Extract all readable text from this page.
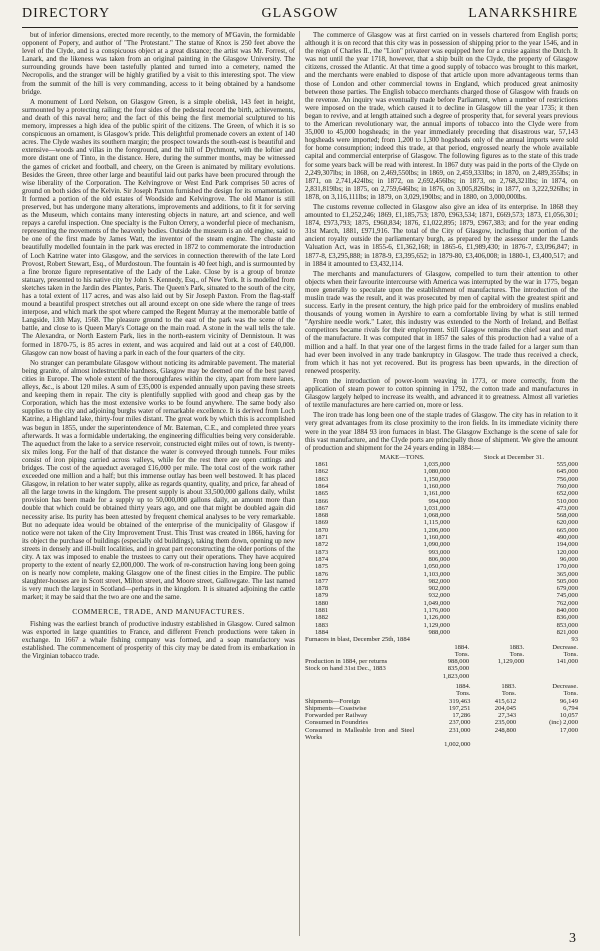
DIRECTORY	GLASGOW	LANARKSHIRE

but of inferior dimensions, erected more recently, to the memory of M'Gavin, the formidable opponent of Popery, and author of "The Protestant." The statue of Knox is 250 feet above the level of the Clyde, and is a conspicuous object at a great distance; the artist was Mr. Forrest, of Lanark, and the likeness was taken from an original painting in the Glasgow University. The surrounding grounds have been tastefully planted and turned into a cemetery, named the Necropolis, and the stranger will be highly gratified by a visit to this interesting spot. The view from the summit of the hill is very commanding, access to it being obtained by a handsome bridge.

A monument of Lord Nelson, on Glasgow Green, is a simple obelisk, 143 feet in height, surmounted by a protecting railing; the four sides of the pedestal record the birth, achievements, and death of this naval hero; and the fact of this being the first memorial sculptured to his memory, impresses a high idea of the public spirit of the citizens. The Green, of which it is so conspicuous an ornament, is Glasgow's pride. This delightful promenade covers an extent of 140 acres. The Clyde washes its southern margin; the prospect towards the south-east is beautiful and extensive—woods and villas in the foreground, and the hill of Dychmont, with the loftier and more distant one of Tinto, in the distance. Here, during the summer months, may be witnessed the games of cricket and football, and cheery, on the Green is animated by military evolutions. Besides the Green, three other large and beautiful laid out parks have been procured through the wise liberality of the Corporation. The Kelvingrove or West End Park comprises 50 acres of ground on both sides of the Kelvin. Sir Joseph Paxton furnished the design for its ornamentation. It formed a portion of the old estates of Woodside and Kelvingrove. The old Manor is still preserved, but has undergone many alterations, improvements and additions, to fit it for serving as the Museum, which contains many interesting objects in nature, art and science, and well repays a careful inspection. One specialty is the Fulton Orrery, a wonderful piece of mechanism, representing the movements of the heavenly bodies. Outside the museum is an old engine, said to be one of the first made by James Watt, the inventor of the steam engine. The chaste and beautifully modelled fountain in the park was erected in 1872 to commemorate the introduction of Loch Katrine water into Glasgow, and the services in connection therewith of the late Lord Provost, Robert Stewart, Esq., of Murdostoun. The fountain is 40 feet high, and is surmounted by a fine bronze figure representative of the Lady of the Lake. Close by is a group of bronze statuary, presented to his native city by John S. Kennedy, Esq., of New York. It is modelled from sketches taken in the Jardin des Plantes, Paris. The Queen's Park, situated to the south of the city, has a total extent of 117 acres, and was also laid out by Sir Joseph Paxton. From the flag-staff mound a beautiful prospect stretches out all around except on one side where the range of trees interpose, and which mark the spot where camped the Regent Murray at the memorable battle of Langside, 13th May, 1568. The pleasure ground to the east of the park was the scene of the battle, and close to is Queen Mary's Cottage on the main road. A stone in the wall tells the tale. The Alexandra, or North Eastern Park, lies in the north-eastern vicinity of Dennistoun. It was formed in 1870-75, is 85 acres in extent, and was acquired and laid out at a cost of £40,000. Glasgow can now boast of having a park in each of the four quarters of the city.

No stranger can perambulate Glasgow without noticing its admirable pavement. The material being granite, of almost indestructible hardness, Glasgow may be deemed one of the best paved cities in Europe. The whole extent of the thoroughfares within the city, apart from mere lanes, alleys, &c., is about 120 miles. A sum of £35,000 is expended annually upon paving these streets and keeping them in repair. The city is plentifully supplied with good and cheap gas by the Corporation, which has the most extensive works to be found anywhere. The same body also supplies to the city and adjoining burghs water of remarkable excellence. It is derived from Loch Katrine, a Highland lake, thirty-four miles distant. The great work by which this is accomplished was begun in 1855, under the superintendence of Mr. Bateman, C.E., and completed three years afterwards. It was a formidable undertaking, the engineering difficulties being very considerable. The aqueduct from the lake to a service reservoir, constructed eight miles out of town, is twenty-six miles long. For the half of that distance the water is conveyed through tunnels. Four miles consist of iron piping carried across valleys, while for the rest there are open cuttings and bridges. The cost of the aqueduct averaged £16,000 per mile. The total cost of the work rather exceeded one million and a half; but this immense outlay has been well bestowed. It has placed Glasgow, in relation to her water supply, alike as regards quantity, quality, and price, far ahead of all the large towns in the kingdom. The present supply is about 33,500,000 gallons daily, whilst provision has been made for a supply up to 50,000,000 gallons daily, an amount more than double that which could be obtained thirty years ago, and one that might be doubled again did necessity arise. Its purity has been attested by frequent chemical analyses to be very remarkable. But no adequate idea would be obtained of the enterprise of the municipality of Glasgow if notice were not taken of the City Improvement Trust. This Trust was created in 1866, having for its object the purchase of buildings (especially old buildings), taking them down, opening up new streets in densely and ill-built localities, and in great part reconstructing the older portions of the city. A tax was imposed to enable the trustees to carry out their operations. They have acquired property to the extent of nearly £2,000,000. The work of re-construction having long been going on is nearly now complete, making Glasgow one of the finest cities in the Empire. The public slaughter-houses are in Scott street, Milton street, and Moore street, Gallowgate. The last named is very much the largest in Scotland—perhaps in the kingdom. It is situated adjoining the cattle market; it may be said that the two are one and the same.

COMMERCE, TRADE, AND MANUFACTURES.

Fishing was the earliest branch of productive industry established in Glasgow. Cured salmon was exported in large quantities to France, and different French productions were taken in exchange. In 1667 a whale fishing company was formed, and a soap manufactory was established. The commencement of prosperity of this city may be dated from its embarkation in the Virginian tobacco trade.

The commerce of Glasgow was at first carried on in vessels chartered from English ports; although it is on record that this city was in possession of shipping prior to the year 1546, and in the reign of Charles II., the "Lion" privateer was equipped here for a cruise against the Dutch. It was not until the year 1718, however, that a ship built on the Clyde, the property of Glasgow citizens, crossed the Atlantic. At that time a good supply of tobacco was brought to this market, and the merchants were enabled to dispose of that article upon more advantageous terms than those of London and other commercial towns in England, which produced great animosity between those parties. The English tobacco merchants charged those of Glasgow with frauds on the revenue. An inquiry was eventually made before Parliament, when a number of restrictions were imposed on the trade, which caused it to decline in Glasgow till the year 1735; it then began to revive, and at length attained such a degree of prosperity that, for several years previous to the American revolutionary war, the annual imports of tobacco into the Clyde were from 35,000 to 45,000 hogsheads; in the year immediately preceding that disastrous war, 57,143 hogsheads were imported; from 1,200 to 1,300 hogsheads only of the annual imports were sold for home consumption; indeed this trade, at that period, engrossed nearly the whole available capital and commercial enterprise of Glasgow. The following figures as to the state of this trade for some years back will be read with interest. In 1867 duty was paid in the ports of the Clyde on 2,249,307lbs; in 1868, on 2,469,550lbs; in 1869, on 2,459,333lbs; in 1870, on 2,489,355lbs; in 1871, on 2,741,424lbs; in 1872, on 2,692,456lbs; in 1873, on 2,768,321lbs; in 1874, on 2,831,819lbs; in 1875, on 2,759,646lbs; in 1876, on 3,005,826lbs; in 1877, on 3,222,926lbs; in 1878, on 3,116,111lbs; in 1879, on 3,029,190lbs; and in 1880, on 3,000,000lbs.

The customs revenue collected in Glasgow also give an idea of its enterprise. In 1868 they amounted to £1,252,246; 1869, £1,185,753; 1870, £963,534; 1871, £669,573; 1873, £1,056,301; 1874, £973,793; 1875, £960,834; 1876, £1,022,895; 1879, £967,383; and for the year ending 31st March, 1881, £971,916. The total of the City of Glasgow, including that portion of the ancient royalty outside the parliamentary burgh, as prepared by the assessor under the Lands Valuation Act, was in 1855-6, £1,362,168; in 1865-6, £1,989,430; in 1876-7, £3,096,847; in 1877-8, £3,295,888; in 1878-9, £3,395,652; in 1879-80, £3,406,008; in 1880-1, £3,400,517; and in 1884 it amounted to £3,432,114.

The merchants and manufacturers of Glasgow, compelled to turn their attention to other objects when their favourite intercourse with America was interrupted by the war in 1775, began more generally to speculate upon the establishment of manufactures. The introduction of the muslin trade was the result, and it was prosecuted by men of capital with the greatest spirit and success. Early in the present century, the high price paid for the embroidery of muslins enabled thousands of young women in Ayrshire to earn a comfortable living by what is still termed "Ayrshire needle work." Later, this industry was extended to the North of Ireland, and Belfast competitors became rivals for their employment. Still Glasgow remains the chief seat and mart of the manufacture. It was computed that in 1857 the sales of this production had a value of a million and a half. In that year one of the largest firms in the trade failed for a larger sum than had ever been involved in any trade bankruptcy in Glasgow. The trade thus received a check, from which it has not yet recovered. But its progress has been upwards, in the direction of renewed prosperity.

From the introduction of power-loom weaving in 1773, or more correctly, from the application of steam power to cotton spinning in 1792, the cotton trade and manufactures in Glasgow largely helped to increase its wealth, and advanced it to greatness. Almost all varieties of textile manufactures are here carried on, more or less.

The iron trade has long been one of the staple trades of Glasgow. The city has in relation to it very great advantages from its close proximity to the iron fields. In its immediate vicinity there were in the year 1884 93 iron furnaces in blast. The Glasgow Exchange is the scene of sale for this vast manufacture, and the Clyde ports are principally those of shipment. We give the amount of production and shipment for the 24 years ending in 1884:—

	MAKE—TONS.	Stock at December 31.
1861	1,035,000	555,000
1862	1,080,000	645,000
1863	1,150,000	756,000
1864	1,160,000	760,000
1865	1,161,000	652,000
1866	994,000	510,000
1867	1,031,000	473,000
1868	1,068,000	568,000
1869	1,115,000	620,000
1870	1,206,000	665,000
1871	1,160,000	490,000
1872	1,090,000	194,000
1873	993,000	120,000
1874	806,000	96,000
1875	1,050,000	170,000
1876	1,103,000	365,000
1877	982,000	505,000
1878	902,000	679,000
1879	932,000	745,000
1880	1,049,000	762,000
1881	1,176,000	840,000
1882	1,126,000	836,000
1883	1,129,000	853,000
1884	988,000	821,000
Furnaces in blast, December 25th, 1884	93
	1884.	1883.	Decrease.
	Tons.	Tons.	Tons.
Production in 1884, per returns	988,000	1,129,000	141,000
Stock on hand 31st Dec., 1883	835,000		
	1,823,000		
	1884.	1883.	Decrease.
	Tons.	Tons.	Tons.
Shipments—Foreign	319,463	415,612	96,149
Shipments—Coastwise	197,251	204,045	6,794
Forwarded per Railway	17,286	27,343	10,057
Consumed in Foundries	237,000	235,000	(inc) 2,000
Consumed in Malleable Iron and Steel Works	231,000	248,800	17,000
	1,002,000		
3
